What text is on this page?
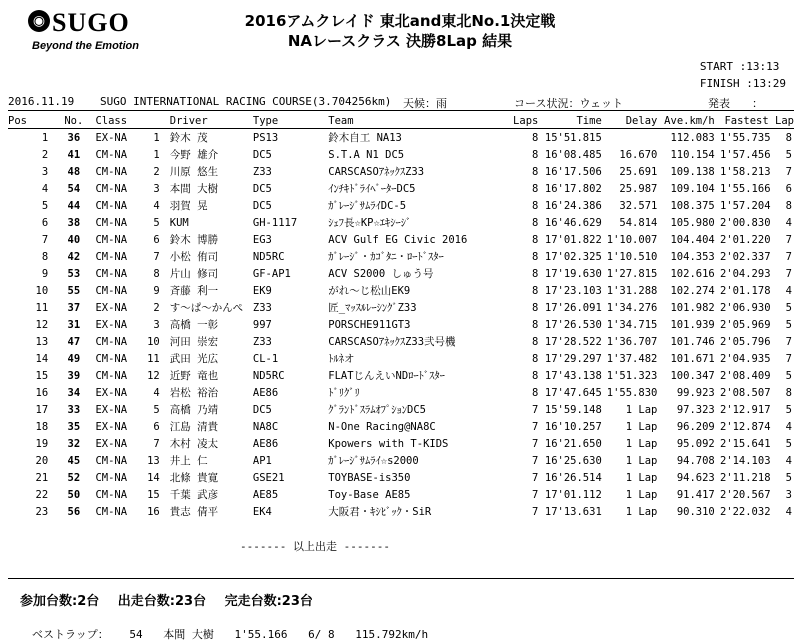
◉ SUGO
Beyond the Emotion
2016アムクレイド 東北and東北No.1決定戦
NAレースクラス 決勝8Lap 結果
START :13:13
FINISH :13:29
2016.11.19 SUGO INTERNATIONAL RACING COURSE(3.704256km) 天候：雨	コース状況：ウェット	発表　　：
Pos	No.	Class		Driver	Type	Team	Laps	Time	Delay	Ave.km/h	Fastest Lap	
1	36	EX-NA	1	鈴木 茂	PS13	鈴木自工 NA13	8	15'51.815		112.083	1'55.735	8
2	41	CM-NA	1	今野 雄介	DC5	S.T.A N1 DC5	8	16'08.485	16.670	110.154	1'57.456	5
3	48	CM-NA	2	川原 悠生	Z33	CARSCASOｱﾈｯｸｽZ33	8	16'17.506	25.691	109.138	1'58.213	7
4	54	CM-NA	3	本間 大樹	DC5	ｲﾝﾁｷﾄﾞﾗｲﾍﾞｰﾀｰDC5	8	16'17.802	25.987	109.104	1'55.166	6
5	44	CM-NA	4	羽賀 晃	DC5	ｶﾞﾚｰｼﾞｻﾑﾗｲDC-5	8	16'24.386	32.571	108.375	1'57.204	8
6	38	CM-NA	5	KUM	GH-1117	ｼｪﾌ長☆KP☆ｴｷｼｰｼﾞ	8	16'46.629	54.814	105.980	2'00.830	4
7	40	CM-NA	6	鈴木 博勝	EG3	ACV Gulf EG Civic 2016	8	17'01.822	1'10.007	104.404	2'01.220	7
8	42	CM-NA	7	小松 侑司	ND5RC	ｶﾞﾚｰｼﾞ・ｶｺﾞﾀﾆ・ﾛｰﾄﾞｽﾀｰ	8	17'02.325	1'10.510	104.353	2'02.337	7
9	53	CM-NA	8	片山 修司	GF-AP1	ACV S2000 しゅう号	8	17'19.630	1'27.815	102.616	2'04.293	7
10	55	CM-NA	9	斉藤 利一	EK9	がれ～じ松山EK9	8	17'23.103	1'31.288	102.274	2'01.178	4
11	37	EX-NA	2	す～ぱ～かんぺ	Z33	匠_ﾏｯｽﾙﾚｰｼﾝｸﾞZ33	8	17'26.091	1'34.276	101.982	2'06.930	5
12	31	EX-NA	3	高橋 一彰	997	PORSCHE911GT3	8	17'26.530	1'34.715	101.939	2'05.969	5
13	47	CM-NA	10	河田 崇宏	Z33	CARSCASOｱﾈｯｸｽZ33弐号機	8	17'28.522	1'36.707	101.746	2'05.796	7
14	49	CM-NA	11	武田 光広	CL-1	ﾄﾙﾈオ	8	17'29.297	1'37.482	101.671	2'04.935	7
15	39	CM-NA	12	近野 竜也	ND5RC	FLATじんえいNDﾛｰﾄﾞｽﾀｰ	8	17'43.138	1'51.323	100.347	2'08.409	5
16	34	EX-NA	4	岩松 裕治	AE86	ﾄﾞﾘｸﾞﾘ	8	17'47.645	1'55.830	99.923	2'08.507	8
17	33	EX-NA	5	高橋 乃靖	DC5	ｸﾞﾗﾝﾄﾞｽﾗﾑｵﾌﾟｼｮﾝDC5	7	15'59.148	1 Lap	97.323	2'12.917	5
18	35	EX-NA	6	江島 清貴	NA8C	N-One Racing@NA8C	7	16'10.257	1 Lap	96.209	2'12.874	4
19	32	EX-NA	7	木村 凌太	AE86	Kpowers with T-KIDS	7	16'21.650	1 Lap	95.092	2'15.641	5
20	45	CM-NA	13	井上 仁	AP1	ｶﾞﾚｰｼﾞｻﾑﾗｲ☆s2000	7	16'25.630	1 Lap	94.708	2'14.103	4
21	52	CM-NA	14	北條 貴寛	GSE21	TOYBASE-is350	7	16'26.514	1 Lap	94.623	2'11.218	5
22	50	CM-NA	15	千葉 武彦	AE85	Toy-Base AE85	7	17'01.112	1 Lap	91.417	2'20.567	3
23	56	CM-NA	16	貴志 倩平	EK4	大阪君・ｷｼﾋﾞｯｸ・SiR	7	17'13.631	1 Lap	90.310	2'22.032	4
------- 以上出走 -------
参加台数:2台 出走台数:23台 完走台数:23台
ベストラップ： 54 本間 大樹 1'55.166 6/ 8 115.792km/h
